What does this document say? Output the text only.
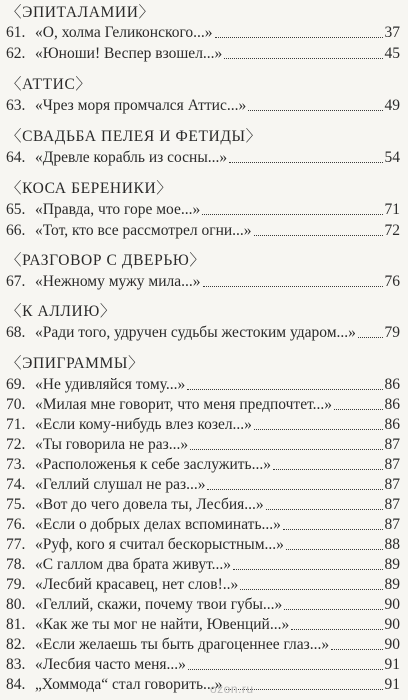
〈ЭПИТАЛАМИИ〉
61. «О, холма Геликонского...»	37
62. «Юноши! Веспер взошел...»	45
〈АТТИС〉
63. «Чрез моря промчался Аттис...»	49
〈СВАДЬБА ПЕЛЕЯ И ФЕТИДЫ〉
64. «Древле корабль из сосны...»	54
〈КОСА БЕРЕНИКИ〉
65. «Правда, что горе мое...»	71
66. «Тот, кто все рассмотрел огни...»	72
〈РАЗГОВОР С ДВЕРЬЮ〉
67. «Нежному мужу мила...»	76
〈К АЛЛИЮ〉
68. «Ради того, удручен судьбы жестоким ударом...» 79
〈ЭПИГРАММЫ〉
69. «Не удивляйся тому...»	86
70. «Милая мне говорит, что меня предпочтет...»	86
71. «Если кому-нибудь влез козел...»	86
72. «Ты говорила не раз...»	87
73. «Расположенья к себе заслужить...»	87
74. «Геллий слушал не раз...»	87
75. «Вот до чего довела ты, Лесбия...»	87
76. «Если о добрых делах вспоминать...»	87
77. «Руф, кого я считал бескорыстным...»	88
78. «С галлом два брата живут...»	89
79. «Лесбий красавец, нет слов!..»	89
80. «Геллий, скажи, почему твои губы...»	90
81. «Как же ты мог не найти, Ювенций...»	90
82. «Если желаешь ты быть драгоценнее глаз...»	90
83. «Лесбия часто меня...»	91
84. „Хоммода“ стал говорить...»	91
ozon.ru
